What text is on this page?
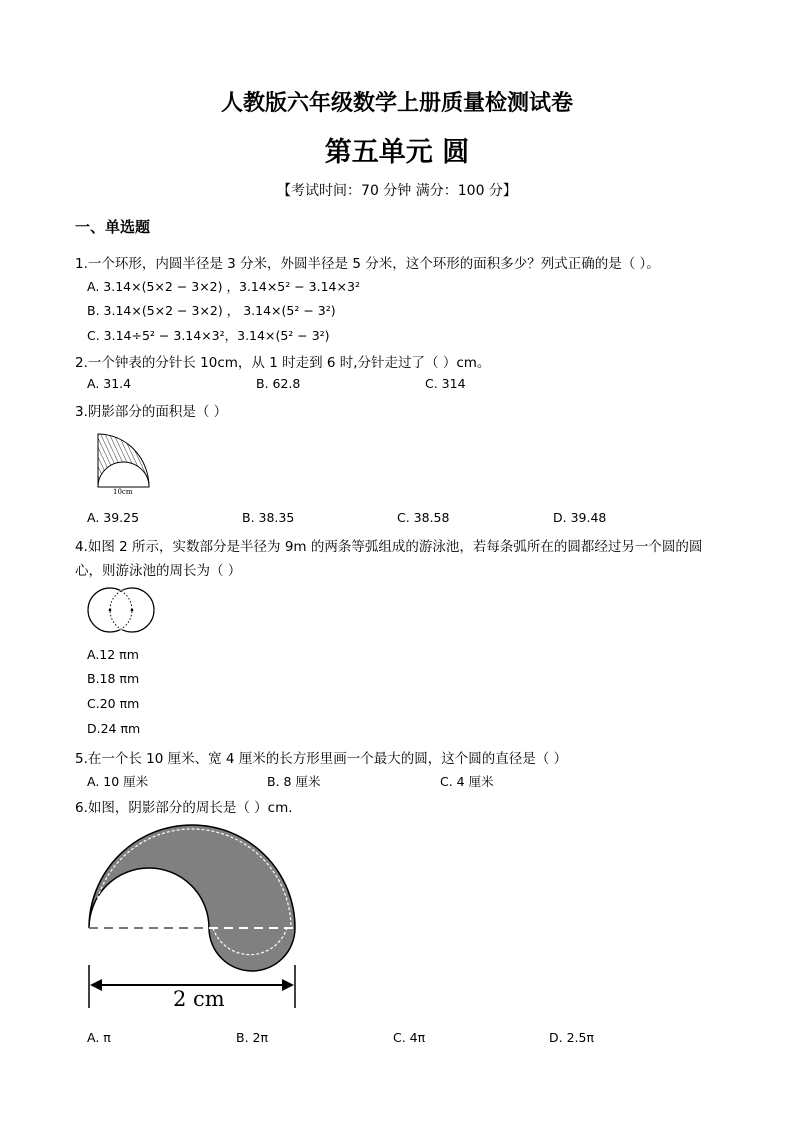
人教版六年级数学上册质量检测试卷
第五单元 圆
【考试时间：70 分钟 满分：100 分】
一、单选题
1.一个环形，内圆半径是 3 分米，外圆半径是 5 分米，这个环形的面积多少？列式正确的是（ ）。
A. 3.14×(5×2 − 3×2) ，3.14×5² − 3.14×3²
B. 3.14×(5×2 − 3×2) ， 3.14×(5² − 3²)
C. 3.14÷5² − 3.14×3²，3.14×(5² − 3²)
2.一个钟表的分针长 10cm，从 1 时走到 6 时,分针走过了（ ）cm。
A. 31.4	B. 62.8	C. 314
3.阴影部分的面积是（ ）
10cm
A. 39.25	B. 38.35	C. 38.58	D. 39.48
4.如图 2 所示，实数部分是半径为 9m 的两条等弧组成的游泳池，若每条弧所在的圆都经过另一个圆的圆
心，则游泳池的周长为（ ）
A.12 πm
B.18 πm
C.20 πm
D.24 πm
5.在一个长 10 厘米、宽 4 厘米的长方形里画一个最大的圆，这个圆的直径是（ ）
A. 10 厘米	B. 8 厘米	C. 4 厘米
6.如图，阴影部分的周长是（ ）cm.
2 cm
A. π	B. 2π	C. 4π	D. 2.5π
